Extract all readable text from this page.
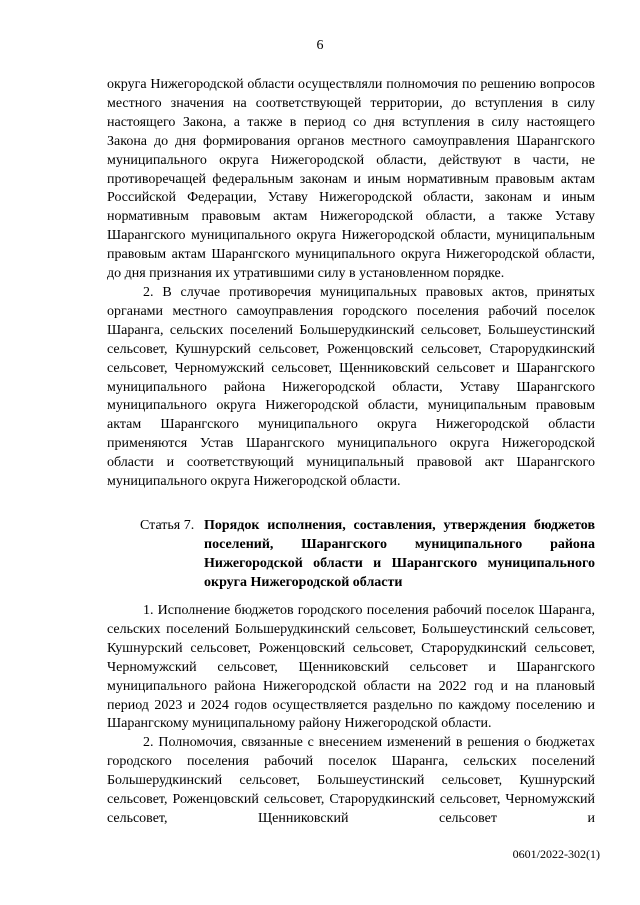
6

округа Нижегородской области осуществляли полномочия по решению вопросов местного значения на соответствующей территории, до вступления в силу настоящего Закона, а также в период со дня вступления в силу настоящего Закона до дня формирования органов местного самоуправления Шарангского муниципального округа Нижегородской области, действуют в части, не противоречащей федеральным законам и иным нормативным правовым актам Российской Федерации, Уставу Нижегородской области, законам и иным нормативным правовым актам Нижегородской области, а также Уставу Шарангского муниципального округа Нижегородской области, муниципальным правовым актам Шарангского муниципального округа Нижегородской области, до дня признания их утратившими силу в установленном порядке.

2. В случае противоречия муниципальных правовых актов, принятых органами местного самоуправления городского поселения рабочий поселок Шаранга, сельских поселений Большерудкинский сельсовет, Большеустинский сельсовет, Кушнурский сельсовет, Роженцовский сельсовет, Старорудкинский сельсовет, Черномужский сельсовет, Щенниковский сельсовет и Шарангского муниципального района Нижегородской области, Уставу Шарангского муниципального округа Нижегородской области, муниципальным правовым актам Шарангского муниципального округа Нижегородской области применяются Устав Шарангского муниципального округа Нижегородской области и соответствующий муниципальный правовой акт Шарангского муниципального округа Нижегородской области.

Статья 7. Порядок исполнения, составления, утверждения бюджетов поселений, Шарангского муниципального района Нижегородской области и Шарангского муниципального округа Нижегородской области

1. Исполнение бюджетов городского поселения рабочий поселок Шаранга, сельских поселений Большерудкинский сельсовет, Большеустинский сельсовет, Кушнурский сельсовет, Роженцовский сельсовет, Старорудкинский сельсовет, Черномужский сельсовет, Щенниковский сельсовет и Шарангского муниципального района Нижегородской области на 2022 год и на плановый период 2023 и 2024 годов осуществляется раздельно по каждому поселению и Шарангскому муниципальному району Нижегородской области.

2. Полномочия, связанные с внесением изменений в решения о бюджетах городского поселения рабочий поселок Шаранга, сельских поселений Большерудкинский сельсовет, Большеустинский сельсовет, Кушнурский сельсовет, Роженцовский сельсовет, Старорудкинский сельсовет, Черномужский сельсовет, Щенниковский сельсовет и

0601/2022-302(1)
